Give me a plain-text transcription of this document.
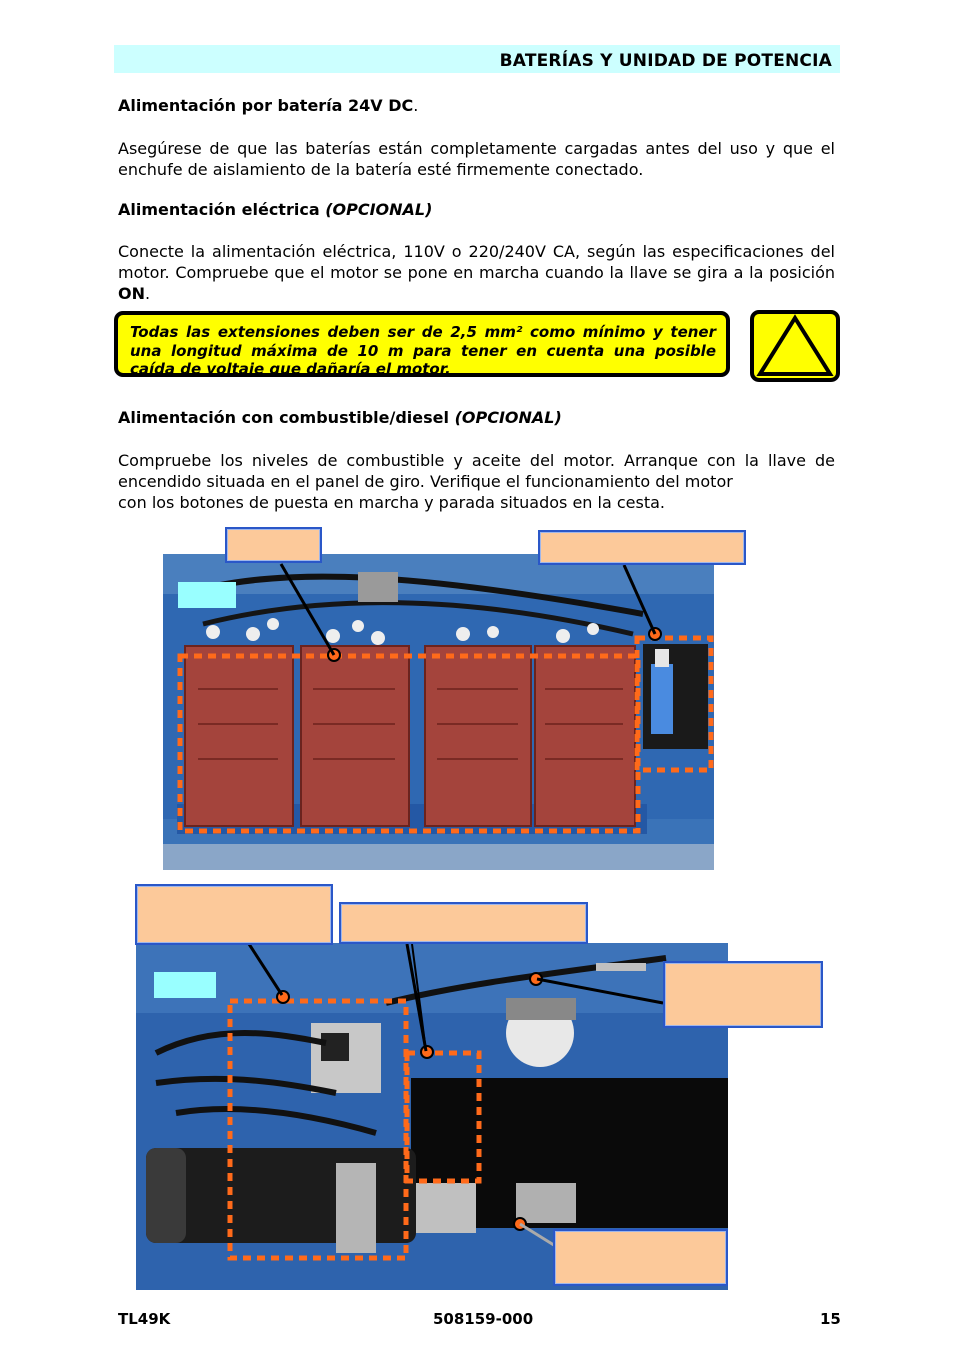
BATERÍAS Y UNIDAD DE POTENCIA
Alimentación por batería 24V DC.
Asegúrese de que las baterías están completamente cargadas antes del uso y que el enchufe de aislamiento de la batería esté firmemente conectado.
Alimentación eléctrica (OPCIONAL)
Conecte la alimentación eléctrica, 110V o 220/240V CA, según las especificaciones del motor. Compruebe que el motor se pone en marcha cuando la llave se gira a la posición ON.
Todas las extensiones deben ser de 2,5 mm² como mínimo y tener una longitud máxima de 10 m para tener en cuenta una posible caída de voltaje que dañaría el motor.
Alimentación con combustible/diesel (OPCIONAL)
Compruebe los niveles de combustible y aceite del motor. Arranque con la llave de encendido situada en el panel de giro. Verifique el funcionamiento del motor
con los botones de puesta en marcha y parada situados en la cesta.
TL49K	508159-000	15
